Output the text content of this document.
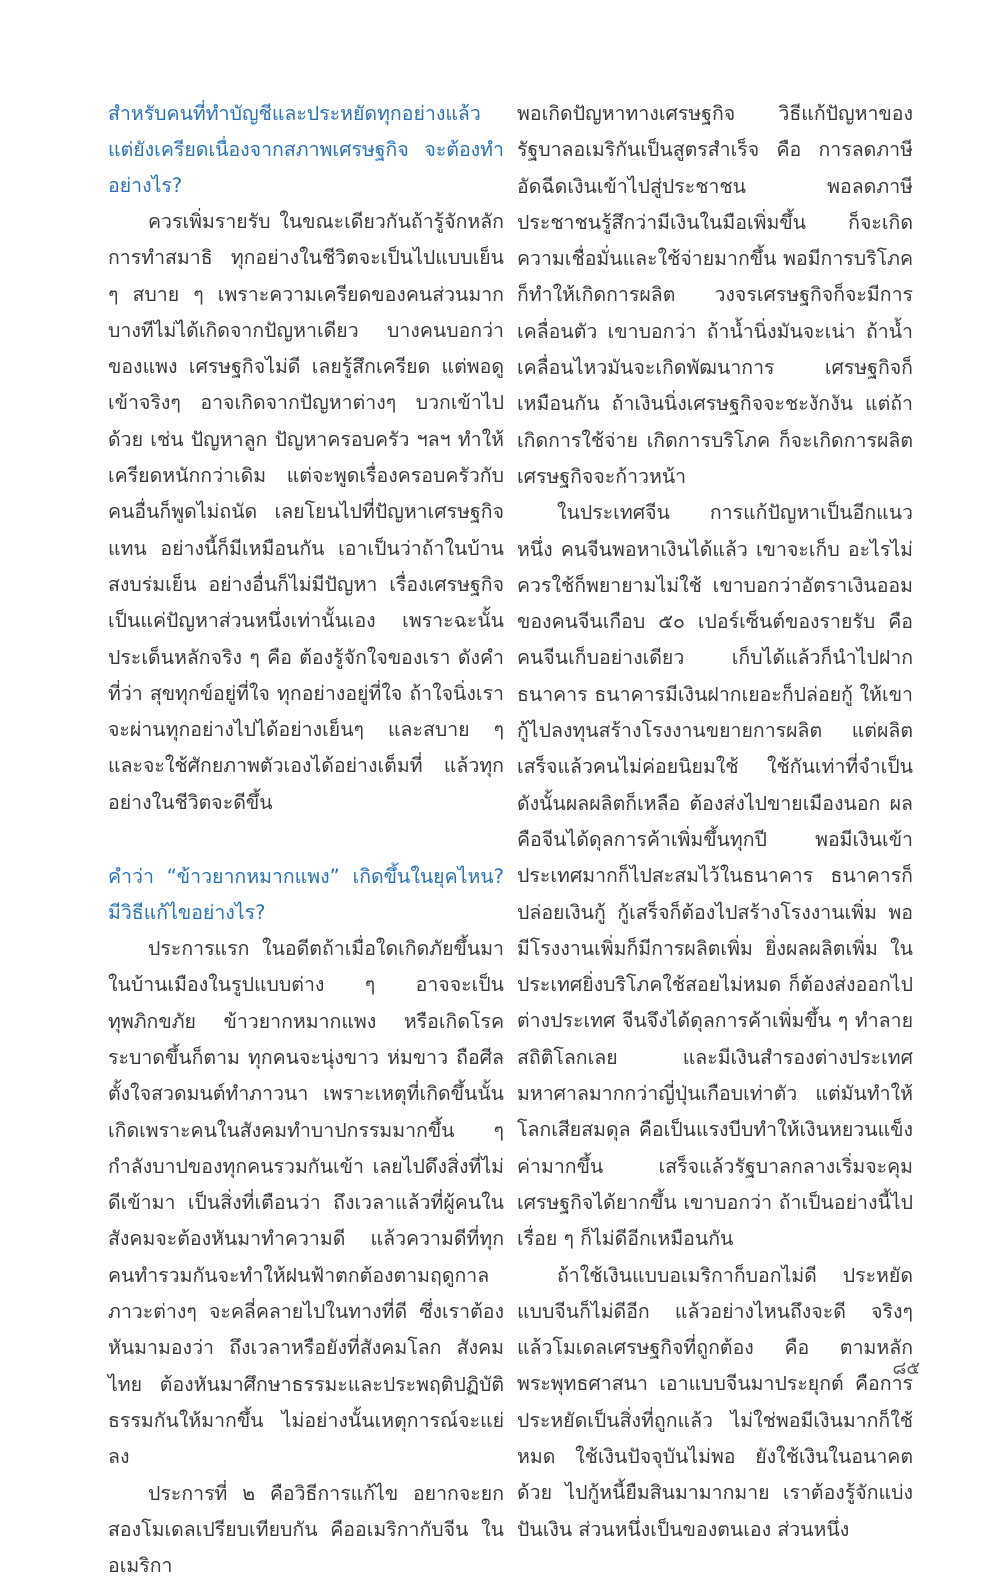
สำหรับคนที่ทำบัญชีและประหยัดทุกอย่างแล้วแต่ยังเครียดเนื่องจากสภาพเศรษฐกิจ จะต้องทำอย่างไร?

ควรเพิ่มรายรับ ในขณะเดียวกันถ้ารู้จักหลักการทำสมาธิ ทุกอย่างในชีวิตจะเป็นไปแบบเย็น ๆ สบาย ๆ เพราะความเครียดของคนส่วนมาก บางทีไม่ได้เกิดจากปัญหาเดียว บางคนบอกว่าของแพง เศรษฐกิจไม่ดี เลยรู้สึกเครียด แต่พอดูเข้าจริงๆ อาจเกิดจากปัญหาต่างๆ บวกเข้าไปด้วย เช่น ปัญหาลูก ปัญหาครอบครัว ฯลฯ ทำให้เครียดหนักกว่าเดิม แต่จะพูดเรื่องครอบครัวกับคนอื่นก็พูดไม่ถนัด เลยโยนไปที่ปัญหาเศรษฐกิจแทน อย่างนี้ก็มีเหมือนกัน เอาเป็นว่าถ้าในบ้านสงบร่มเย็น อย่างอื่นก็ไม่มีปัญหา เรื่องเศรษฐกิจเป็นแค่ปัญหาส่วนหนึ่งเท่านั้นเอง เพราะฉะนั้นประเด็นหลักจริง ๆ คือ ต้องรู้จักใจของเรา ดังคำที่ว่า สุขทุกข์อยู่ที่ใจ ทุกอย่างอยู่ที่ใจ ถ้าใจนิ่งเราจะผ่านทุกอย่างไปได้อย่างเย็นๆ และสบาย ๆ และจะใช้ศักยภาพตัวเองได้อย่างเต็มที่ แล้วทุกอย่างในชีวิตจะดีขึ้น

คำว่า “ข้าวยากหมากแพง” เกิดขึ้นในยุคไหน? มีวิธีแก้ไขอย่างไร?

ประการแรก ในอดีตถ้าเมื่อใดเกิดภัยขึ้นมาในบ้านเมืองในรูปแบบต่าง ๆ อาจจะเป็นทุพภิกขภัย ข้าวยากหมากแพง หรือเกิดโรคระบาดขึ้นก็ตาม ทุกคนจะนุ่งขาว ห่มขาว ถือศีล ตั้งใจสวดมนต์ทำภาวนา เพราะเหตุที่เกิดขึ้นนั้น เกิดเพราะคนในสังคมทำบาปกรรมมากขึ้น ๆ กำลังบาปของทุกคนรวมกันเข้า เลยไปดึงสิ่งที่ไม่ดีเข้ามา เป็นสิ่งที่เตือนว่า ถึงเวลาแล้วที่ผู้คนในสังคมจะต้องหันมาทำความดี แล้วความดีที่ทุกคนทำรวมกันจะทำให้ฝนฟ้าตกต้องตามฤดูกาล ภาวะต่างๆ จะคลี่คลายไปในทางที่ดี ซึ่งเราต้องหันมามองว่า ถึงเวลาหรือยังที่สังคมโลก สังคมไทย ต้องหันมาศึกษาธรรมะและประพฤติปฏิบัติธรรมกันให้มากขึ้น ไม่อย่างนั้นเหตุการณ์จะแย่ลง

ประการที่ ๒ คือวิธีการแก้ไข อยากจะยกสองโมเดลเปรียบเทียบกัน คืออเมริกากับจีน ในอเมริกา

พอเกิดปัญหาทางเศรษฐกิจ วิธีแก้ปัญหาของรัฐบาลอเมริกันเป็นสูตรสำเร็จ คือ การลดภาษีอัดฉีดเงินเข้าไปสู่ประชาชน พอลดภาษี ประชาชนรู้สึกว่ามีเงินในมือเพิ่มขึ้น ก็จะเกิดความเชื่อมั่นและใช้จ่ายมากขึ้น พอมีการบริโภคก็ทำให้เกิดการผลิต วงจรเศรษฐกิจก็จะมีการเคลื่อนตัว เขาบอกว่า ถ้าน้ำนิ่งมันจะเน่า ถ้าน้ำเคลื่อนไหวมันจะเกิดพัฒนาการ เศรษฐกิจก็เหมือนกัน ถ้าเงินนิ่งเศรษฐกิจจะชะงักงัน แต่ถ้าเกิดการใช้จ่าย เกิดการบริโภค ก็จะเกิดการผลิต เศรษฐกิจจะก้าวหน้า

ในประเทศจีน การแก้ปัญหาเป็นอีกแนวหนึ่ง คนจีนพอหาเงินได้แล้ว เขาจะเก็บ อะไรไม่ควรใช้ก็พยายามไม่ใช้ เขาบอกว่าอัตราเงินออมของคนจีนเกือบ ๕๐ เปอร์เซ็นต์ของรายรับ คือ คนจีนเก็บอย่างเดียว เก็บได้แล้วก็นำไปฝากธนาคาร ธนาคารมีเงินฝากเยอะก็ปล่อยกู้ ให้เขากู้ไปลงทุนสร้างโรงงานขยายการผลิต แต่ผลิตเสร็จแล้วคนไม่ค่อยนิยมใช้ ใช้กันเท่าที่จำเป็น ดังนั้นผลผลิตก็เหลือ ต้องส่งไปขายเมืองนอก ผลคือจีนได้ดุลการค้าเพิ่มขึ้นทุกปี พอมีเงินเข้าประเทศมากก็ไปสะสมไว้ในธนาคาร ธนาคารก็ปล่อยเงินกู้ กู้เสร็จก็ต้องไปสร้างโรงงานเพิ่ม พอมีโรงงานเพิ่มก็มีการผลิตเพิ่ม ยิ่งผลผลิตเพิ่ม ในประเทศยิ่งบริโภคใช้สอยไม่หมด ก็ต้องส่งออกไปต่างประเทศ จีนจึงได้ดุลการค้าเพิ่มขึ้น ๆ ทำลายสถิติโลกเลย และมีเงินสำรองต่างประเทศมหาศาลมากกว่าญี่ปุ่นเกือบเท่าตัว แต่มันทำให้โลกเสียสมดุล คือเป็นแรงบีบทำให้เงินหยวนแข็งค่ามากขึ้น เสร็จแล้วรัฐบาลกลางเริ่มจะคุมเศรษฐกิจได้ยากขึ้น เขาบอกว่า ถ้าเป็นอย่างนี้ไปเรื่อย ๆ ก็ไม่ดีอีกเหมือนกัน

ถ้าใช้เงินแบบอเมริกาก็บอกไม่ดี ประหยัดแบบจีนก็ไม่ดีอีก แล้วอย่างไหนถึงจะดี จริงๆ แล้วโมเดลเศรษฐกิจที่ถูกต้อง คือ ตามหลักพระพุทธศาสนา เอาแบบจีนมาประยุกต์ คือการประหยัดเป็นสิ่งที่ถูกแล้ว ไม่ใช่พอมีเงินมากก็ใช้หมด ใช้เงินปัจจุบันไม่พอ ยังใช้เงินในอนาคตด้วย ไปกู้หนี้ยืมสินมามากมาย เราต้องรู้จักแบ่งปันเงิน ส่วนหนึ่งเป็นของตนเอง ส่วนหนึ่ง

๘๕
